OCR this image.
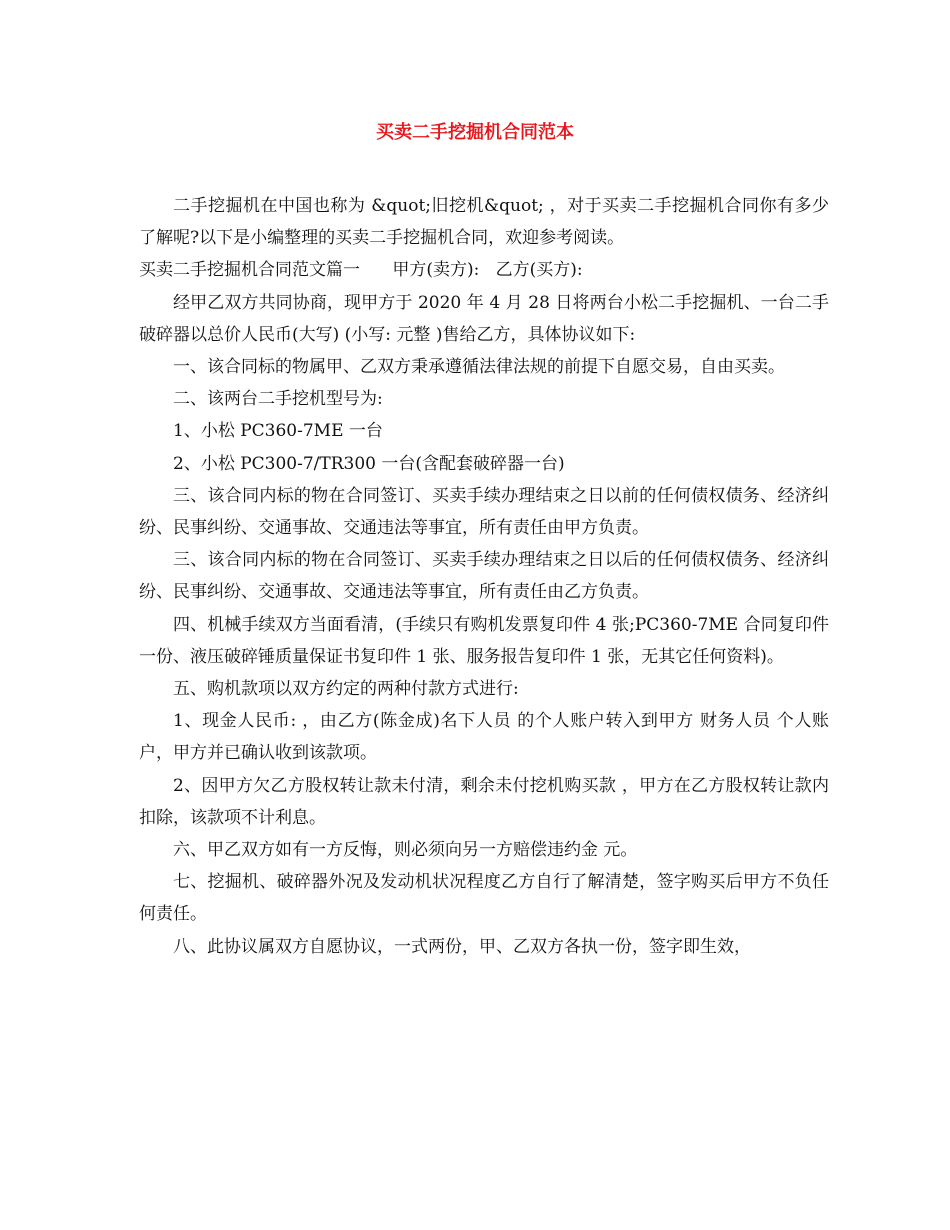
买卖二手挖掘机合同范本

二手挖掘机在中国也称为 &quot;旧挖机&quot; ，对于买卖二手挖掘机合同你有多少了解呢?以下是小编整理的买卖二手挖掘机合同，欢迎参考阅读。

买卖二手挖掘机合同范文篇一      甲方(卖方):   乙方(买方):

经甲乙双方共同协商，现甲方于 2020 年 4 月 28 日将两台小松二手挖掘机、一台二手破碎器以总价人民币(大写) (小写: 元整 )售给乙方，具体协议如下:

一、该合同标的物属甲、乙双方秉承遵循法律法规的前提下自愿交易，自由买卖。

二、该两台二手挖机型号为:

1、小松 PC360-7ME 一台

2、小松 PC300-7/TR300 一台(含配套破碎器一台)

三、该合同内标的物在合同签订、买卖手续办理结束之日以前的任何债权债务、经济纠纷、民事纠纷、交通事故、交通违法等事宜，所有责任由甲方负责。

三、该合同内标的物在合同签订、买卖手续办理结束之日以后的任何债权债务、经济纠纷、民事纠纷、交通事故、交通违法等事宜，所有责任由乙方负责。

四、机械手续双方当面看清，(手续只有购机发票复印件 4 张;PC360-7ME 合同复印件一份、液压破碎锤质量保证书复印件 1 张、服务报告复印件 1 张，无其它任何资料)。

五、购机款项以双方约定的两种付款方式进行:

1、现金人民币: ，由乙方(陈金成)名下人员 的个人账户转入到甲方 财务人员 个人账户，甲方并已确认收到该款项。

2、因甲方欠乙方股权转让款未付清，剩余未付挖机购买款 ，甲方在乙方股权转让款内扣除，该款项不计利息。

六、甲乙双方如有一方反悔，则必须向另一方赔偿违约金 元。

七、挖掘机、破碎器外况及发动机状况程度乙方自行了解清楚，签字购买后甲方不负任何责任。

八、此协议属双方自愿协议，一式两份，甲、乙双方各执一份，签字即生效，
